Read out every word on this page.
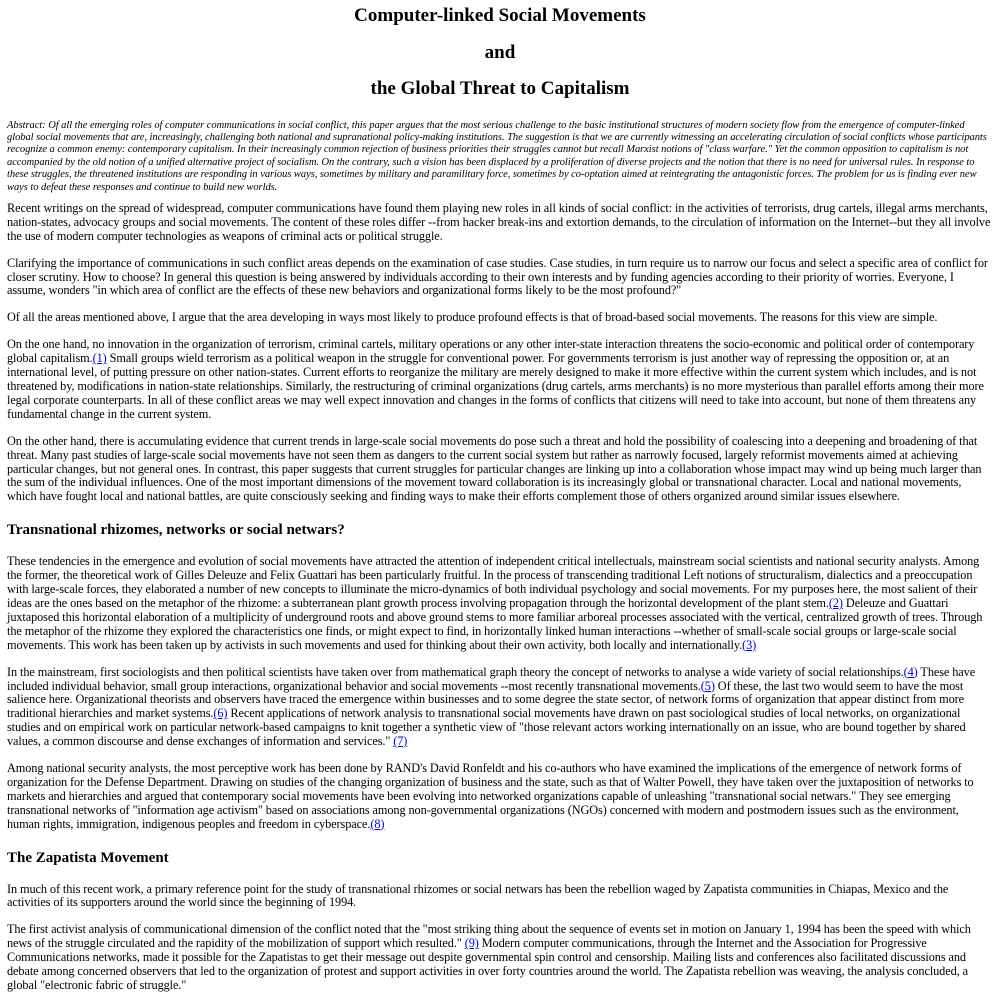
Computer-linked Social Movements
and
the Global Threat to Capitalism
Abstract: Of all the emerging roles of computer communications in social conflict, this paper argues that the most serious challenge to the basic institutional structures of modern society flow from the emergence of computer-linked global social movements that are, increasingly, challenging both national and supranational policy-making institutions. The suggestion is that we are currently witnessing an accelerating circulation of social conflicts whose participants recognize a common enemy: contemporary capitalism. In their increasingly common rejection of business priorities their struggles cannot but recall Marxist notions of "class warfare." Yet the common opposition to capitalism is not accompanied by the old notion of a unified alternative project of socialism. On the contrary, such a vision has been displaced by a proliferation of diverse projects and the notion that there is no need for universal rules. In response to these struggles, the threatened institutions are responding in various ways, sometimes by military and paramilitary force, sometimes by co-optation aimed at reintegrating the antagonistic forces. The problem for us is finding ever new ways to defeat these responses and continue to build new worlds.

Recent writings on the spread of widespread, computer communications have found them playing new roles in all kinds of social conflict: in the activities of terrorists, drug cartels, illegal arms merchants, nation-states, advocacy groups and social movements. The content of these roles differ --from hacker break-ins and extortion demands, to the circulation of information on the Internet--but they all involve the use of modern computer technologies as weapons of criminal acts or political struggle.

Clarifying the importance of communications in such conflict areas depends on the examination of case studies. Case studies, in turn require us to narrow our focus and select a specific area of conflict for closer scrutiny. How to choose? In general this question is being answered by individuals according to their own interests and by funding agencies according to their priority of worries. Everyone, I assume, wonders "in which area of conflict are the effects of these new behaviors and organizational forms likely to be the most profound?"

Of all the areas mentioned above, I argue that the area developing in ways most likely to produce profound effects is that of broad-based social movements. The reasons for this view are simple.

On the one hand, no innovation in the organization of terrorism, criminal cartels, military operations or any other inter-state interaction threatens the socio-economic and political order of contemporary global capitalism.(1) Small groups wield terrorism as a political weapon in the struggle for conventional power. For governments terrorism is just another way of repressing the opposition or, at an international level, of putting pressure on other nation-states. Current efforts to reorganize the military are merely designed to make it more effective within the current system which includes, and is not threatened by, modifications in nation-state relationships. Similarly, the restructuring of criminal organizations (drug cartels, arms merchants) is no more mysterious than parallel efforts among their more legal corporate counterparts. In all of these conflict areas we may well expect innovation and changes in the forms of conflicts that citizens will need to take into account, but none of them threatens any fundamental change in the current system.

On the other hand, there is accumulating evidence that current trends in large-scale social movements do pose such a threat and hold the possibility of coalescing into a deepening and broadening of that threat. Many past studies of large-scale social movements have not seen them as dangers to the current social system but rather as narrowly focused, largely reformist movements aimed at achieving particular changes, but not general ones. In contrast, this paper suggests that current struggles for particular changes are linking up into a collaboration whose impact may wind up being much larger than the sum of the individual influences. One of the most important dimensions of the movement toward collaboration is its increasingly global or transnational character. Local and national movements, which have fought local and national battles, are quite consciously seeking and finding ways to make their efforts complement those of others organized around similar issues elsewhere.

Transnational rhizomes, networks or social netwars?

These tendencies in the emergence and evolution of social movements have attracted the attention of independent critical intellectuals, mainstream social scientists and national security analysts. Among the former, the theoretical work of Gilles Deleuze and Felix Guattari has been particularly fruitful. In the process of transcending traditional Left notions of structuralism, dialectics and a preoccupation with large-scale forces, they elaborated a number of new concepts to illuminate the micro-dynamics of both individual psychology and social movements. For my purposes here, the most salient of their ideas are the ones based on the metaphor of the rhizome: a subterranean plant growth process involving propagation through the horizontal development of the plant stem.(2) Deleuze and Guattari juxtaposed this horizontal elaboration of a multiplicity of underground roots and above ground stems to more familiar arboreal processes associated with the vertical, centralized growth of trees. Through the metaphor of the rhizome they explored the characteristics one finds, or might expect to find, in horizontally linked human interactions --whether of small-scale social groups or large-scale social movements. This work has been taken up by activists in such movements and used for thinking about their own activity, both locally and internationally.(3)

In the mainstream, first sociologists and then political scientists have taken over from mathematical graph theory the concept of networks to analyse a wide variety of social relationships.(4) These have included individual behavior, small group interactions, organizational behavior and social movements --most recently transnational movements.(5) Of these, the last two would seem to have the most salience here. Organizational theorists and observers have traced the emergence within businesses and to some degree the state sector, of network forms of organization that appear distinct from more traditional hierarchies and market systems.(6) Recent applications of network analysis to transnational social movements have drawn on past sociological studies of local networks, on organizational studies and on empirical work on particular network-based campaigns to knit together a synthetic view of "those relevant actors working internationally on an issue, who are bound together by shared values, a common discourse and dense exchanges of information and services." (7)

Among national security analysts, the most perceptive work has been done by RAND's David Ronfeldt and his co-authors who have examined the implications of the emergence of network forms of organization for the Defense Department. Drawing on studies of the changing organization of business and the state, such as that of Walter Powell, they have taken over the juxtaposition of networks to markets and hierarchies and argued that contemporary social movements have been evolving into networked organizations capable of unleashing "transnational social netwars." They see emerging transnational networks of "information age activism" based on associations among non-governmental organizations (NGOs) concerned with modern and postmodern issues such as the environment, human rights, immigration, indigenous peoples and freedom in cyberspace.(8)

The Zapatista Movement

In much of this recent work, a primary reference point for the study of transnational rhizomes or social netwars has been the rebellion waged by Zapatista communities in Chiapas, Mexico and the activities of its supporters around the world since the beginning of 1994.

The first activist analysis of communicational dimension of the conflict noted that the "most striking thing about the sequence of events set in motion on January 1, 1994 has been the speed with which news of the struggle circulated and the rapidity of the mobilization of support which resulted." (9) Modern computer communications, through the Internet and the Association for Progressive Communications networks, made it possible for the Zapatistas to get their message out despite governmental spin control and censorship. Mailing lists and conferences also facilitated discussions and debate among concerned observers that led to the organization of protest and support activities in over forty countries around the world. The Zapatista rebellion was weaving, the analysis concluded, a global "electronic fabric of struggle."
